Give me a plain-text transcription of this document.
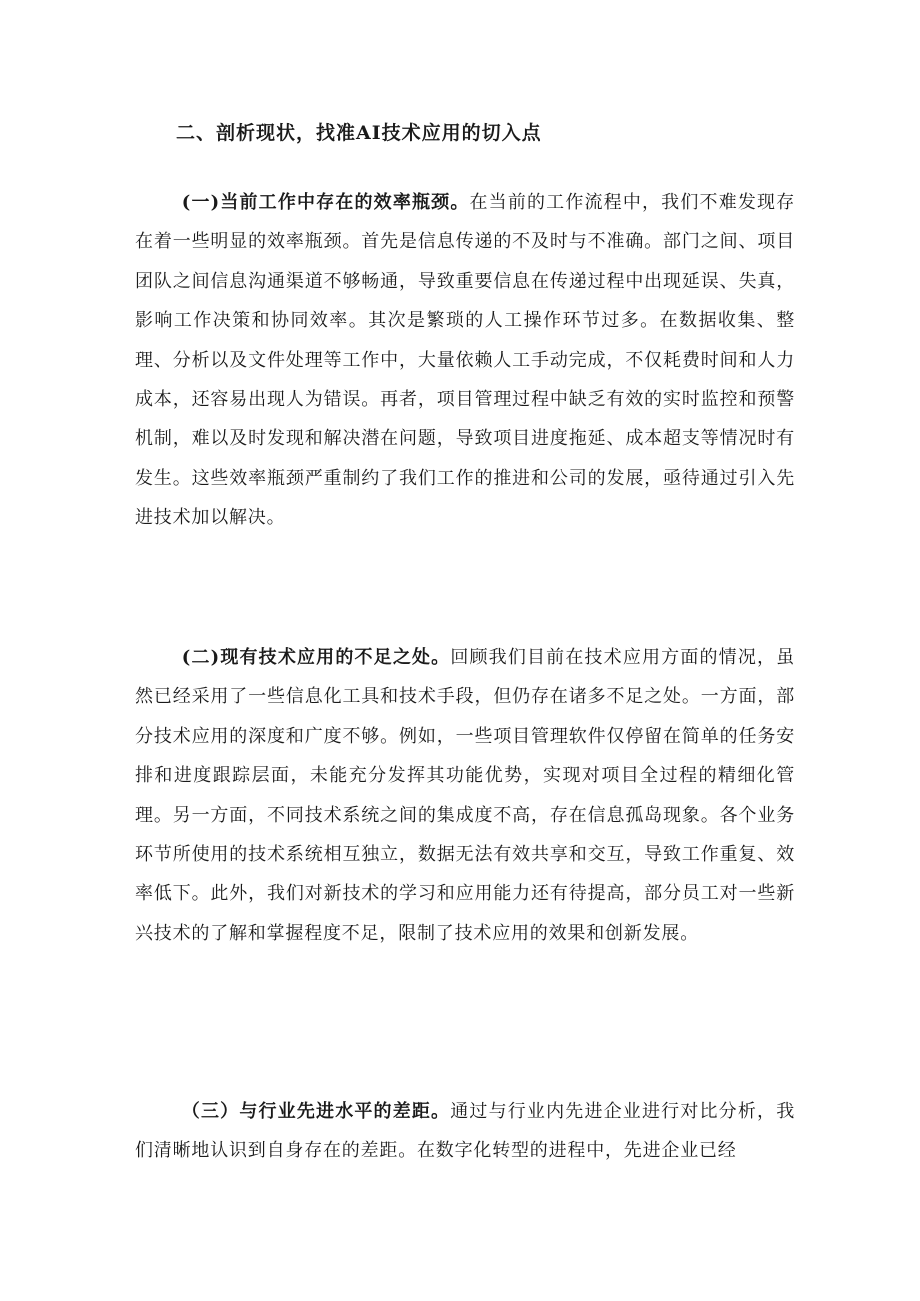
二、剖析现状，找准AI技术应用的切入点

(一)当前工作中存在的效率瓶颈。在当前的工作流程中，我们不难发现存在着一些明显的效率瓶颈。首先是信息传递的不及时与不准确。部门之间、项目团队之间信息沟通渠道不够畅通，导致重要信息在传递过程中出现延误、失真，影响工作决策和协同效率。其次是繁琐的人工操作环节过多。在数据收集、整理、分析以及文件处理等工作中，大量依赖人工手动完成，不仅耗费时间和人力成本，还容易出现人为错误。再者，项目管理过程中缺乏有效的实时监控和预警机制，难以及时发现和解决潜在问题，导致项目进度拖延、成本超支等情况时有发生。这些效率瓶颈严重制约了我们工作的推进和公司的发展，亟待通过引入先进技术加以解决。

(二)现有技术应用的不足之处。回顾我们目前在技术应用方面的情况，虽然已经采用了一些信息化工具和技术手段，但仍存在诸多不足之处。一方面，部分技术应用的深度和广度不够。例如，一些项目管理软件仅停留在简单的任务安排和进度跟踪层面，未能充分发挥其功能优势，实现对项目全过程的精细化管理。另一方面，不同技术系统之间的集成度不高，存在信息孤岛现象。各个业务环节所使用的技术系统相互独立，数据无法有效共享和交互，导致工作重复、效率低下。此外，我们对新技术的学习和应用能力还有待提高，部分员工对一些新兴技术的了解和掌握程度不足，限制了技术应用的效果和创新发展。

（三）与行业先进水平的差距。通过与行业内先进企业进行对比分析，我们清晰地认识到自身存在的差距。在数字化转型的进程中，先进企业已经
